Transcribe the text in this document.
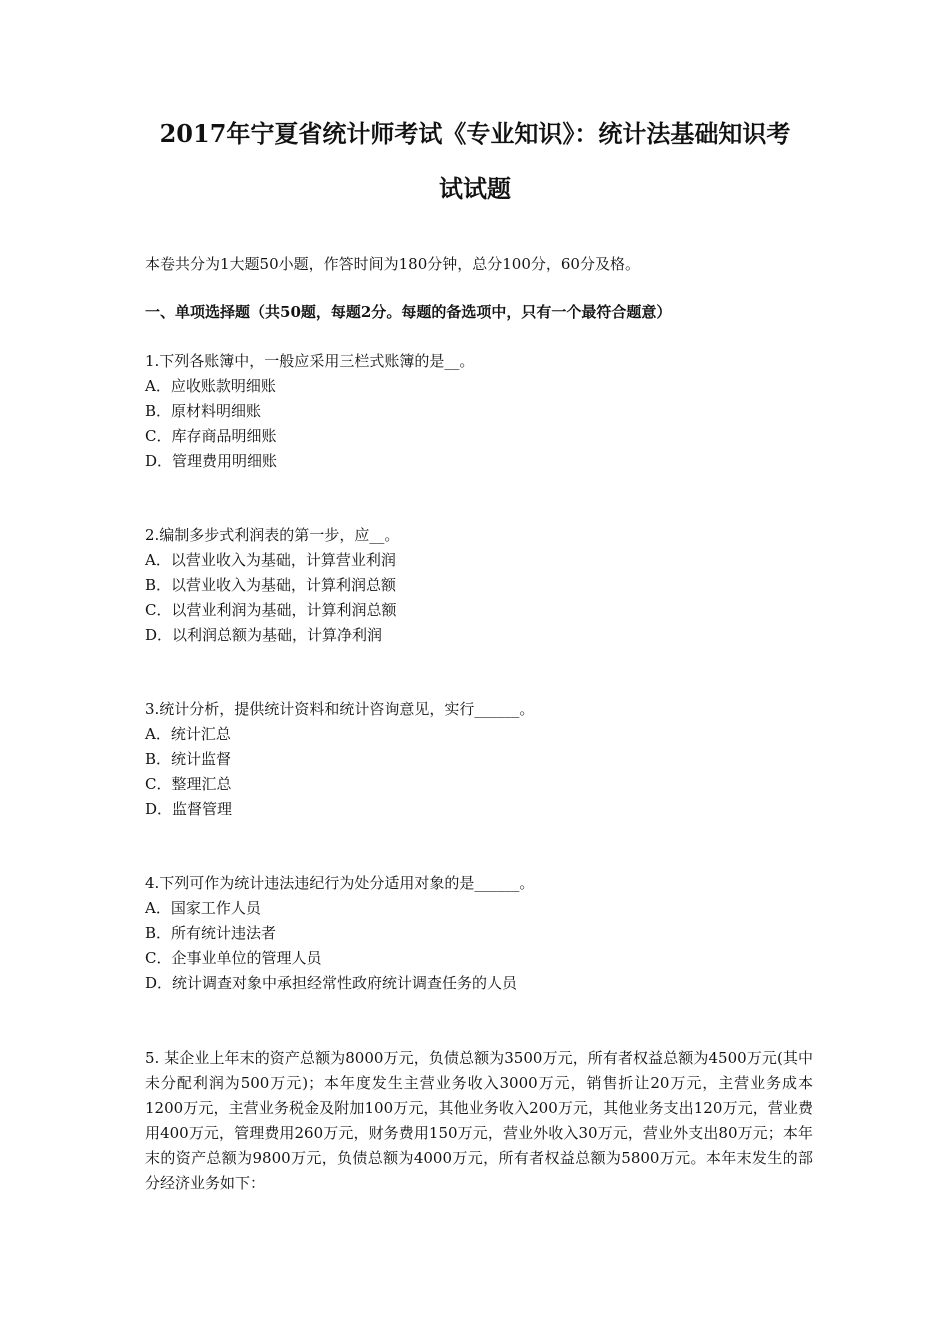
2017年宁夏省统计师考试《专业知识》：统计法基础知识考
试试题
本卷共分为1大题50小题，作答时间为180分钟，总分100分，60分及格。
一、单项选择题（共50题，每题2分。每题的备选项中，只有一个最符合题意）
1.下列各账簿中，一般应采用三栏式账簿的是__。
A．应收账款明细账
B．原材料明细账
C．库存商品明细账
D．管理费用明细账
2.编制多步式利润表的第一步，应__。
A．以营业收入为基础，计算营业利润
B．以营业收入为基础，计算利润总额
C．以营业利润为基础，计算利润总额
D．以利润总额为基础，计算净利润
3.统计分析，提供统计资料和统计咨询意见，实行______。
A．统计汇总
B．统计监督
C．整理汇总
D．监督管理
4.下列可作为统计违法违纪行为处分适用对象的是______。
A．国家工作人员
B．所有统计违法者
C．企事业单位的管理人员
D．统计调查对象中承担经常性政府统计调查任务的人员
5. 某企业上年末的资产总额为8000万元，负债总额为3500万元，所有者权益总额为4500万元(其中未分配利润为500万元)；本年度发生主营业务收入3000万元，销售折让20万元，主营业务成本1200万元，主营业务税金及附加100万元，其他业务收入200万元，其他业务支出120万元，营业费用400万元，管理费用260万元，财务费用150万元，营业外收入30万元，营业外支出80万元；本年末的资产总额为9800万元，负债总额为4000万元，所有者权益总额为5800万元。本年末发生的部分经济业务如下：
